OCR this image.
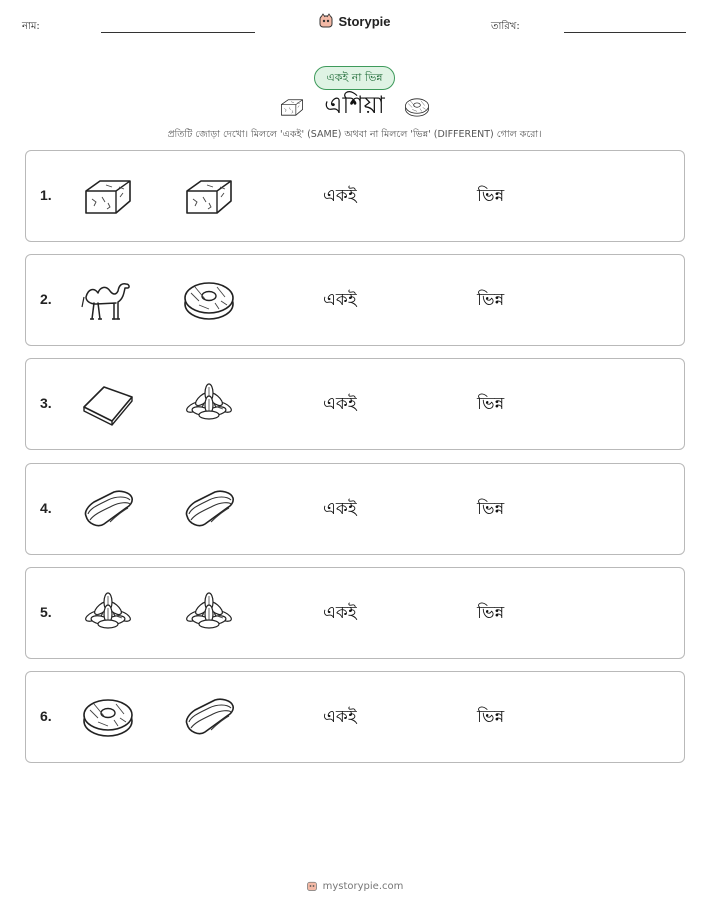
নাম:	Storypie	তারিখ:
একই না ভিন্ন
এশিয়া
প্রতিটি জোড়া দেখো। মিললে 'একই' (SAME) অথবা না মিললে 'ভিন্ন' (DIFFERENT) গোল করো।
1.	একই	ভিন্ন
2.	একই	ভিন্ন
3.	একই	ভিন্ন
4.	একই	ভিন্ন
5.	একই	ভিন্ন
6.	একই	ভিন্ন
mystorypie.com
